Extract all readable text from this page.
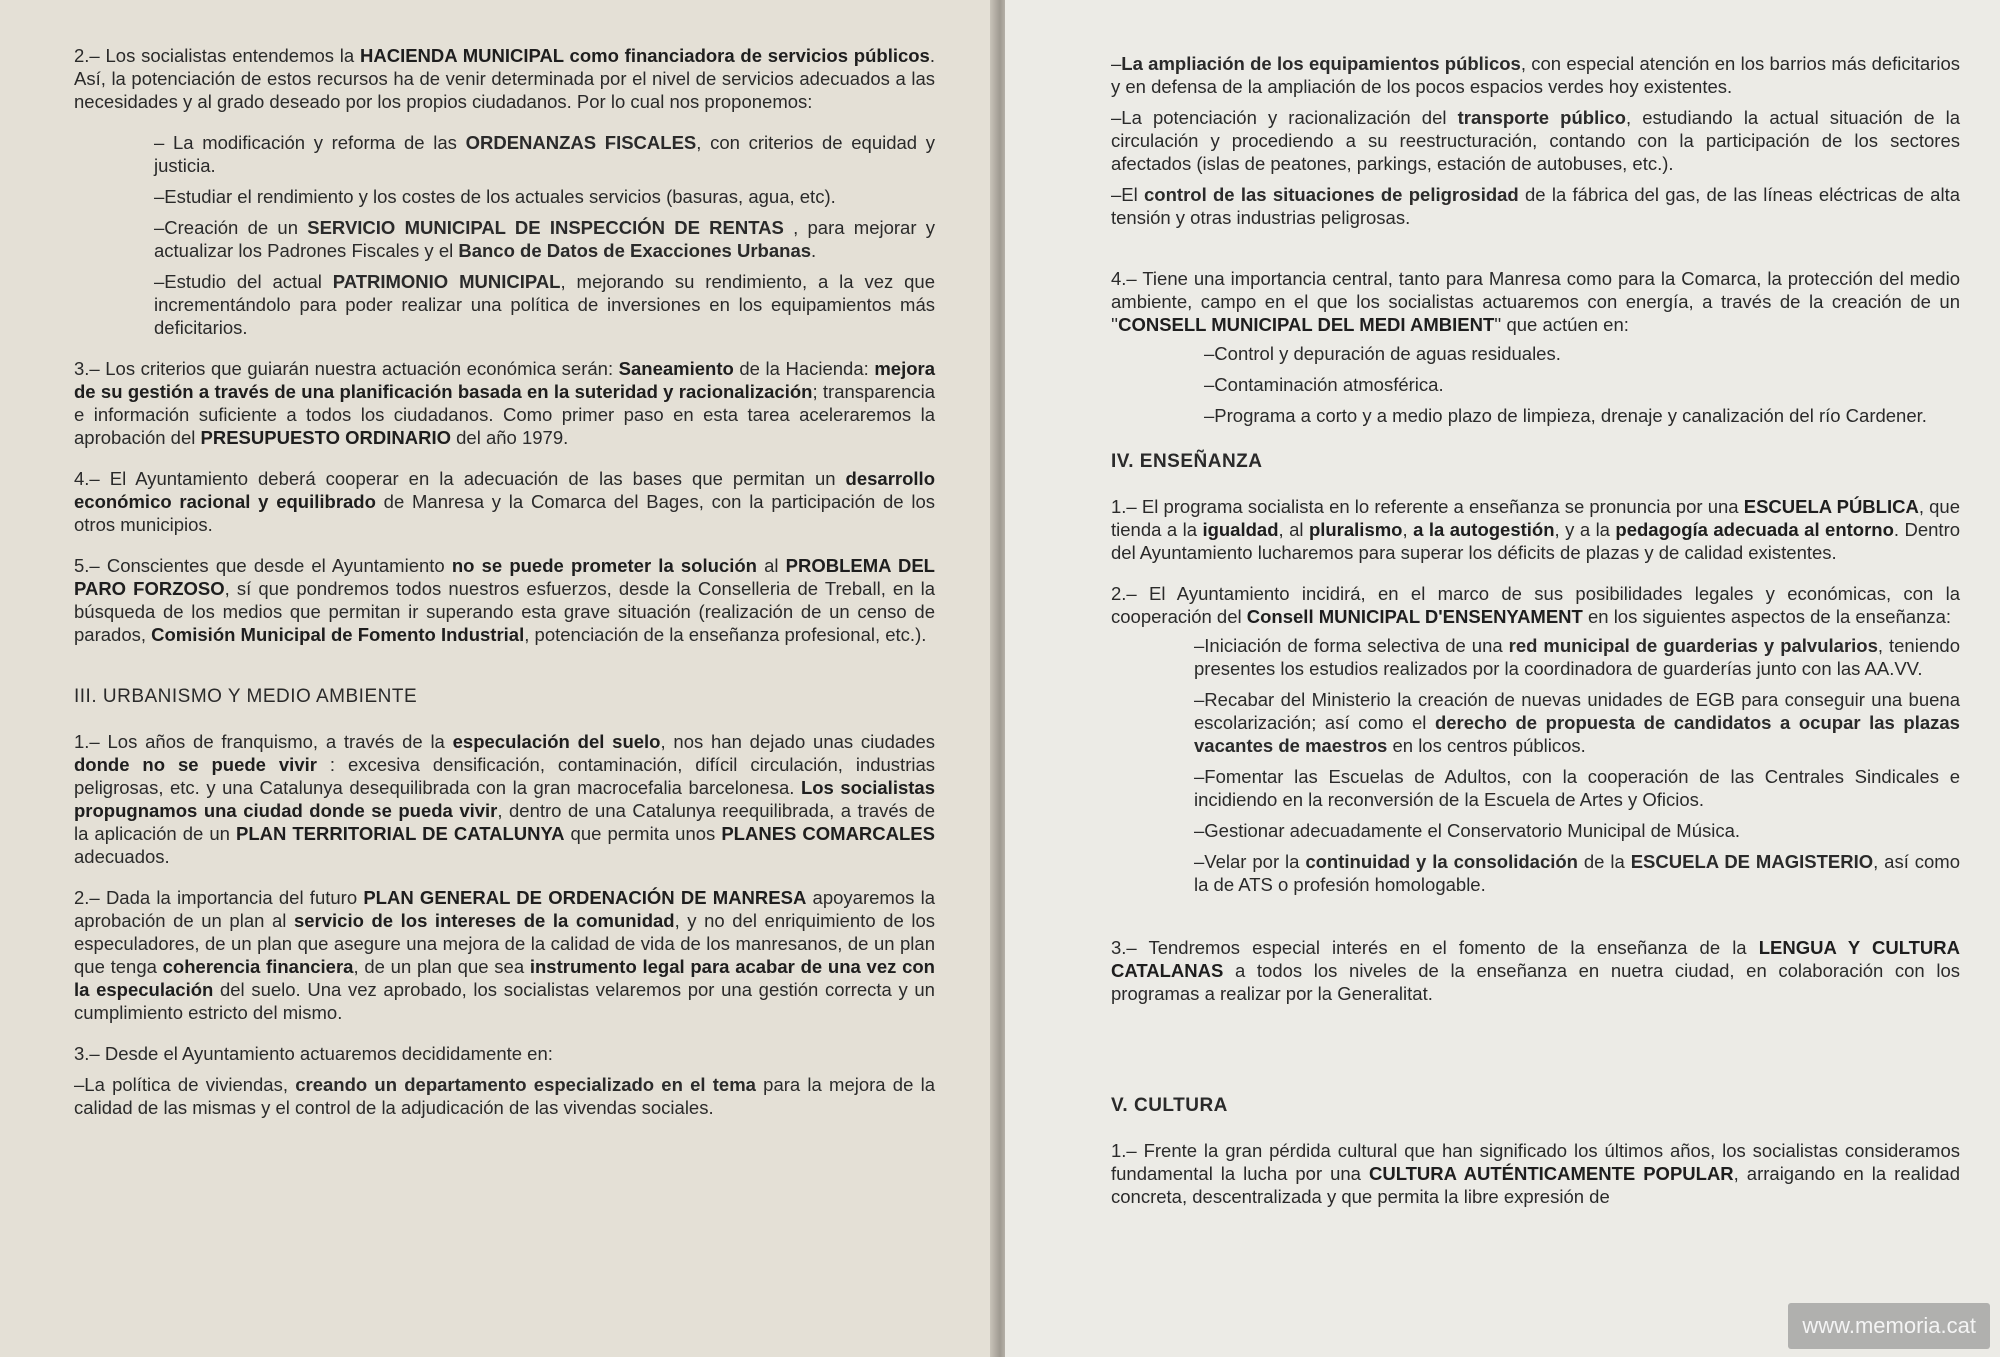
2.– Los socialistas entendemos la HACIENDA MUNICIPAL como financiadora de servicios públicos. Así, la potenciación de estos recursos ha de venir determinada por el nivel de servicios adecuados a las necesidades y al grado deseado por los propios ciudadanos. Por lo cual nos proponemos:

– La modificación y reforma de las ORDENANZAS FISCALES, con criterios de equidad y justicia.

–Estudiar el rendimiento y los costes de los actuales servicios (basuras, agua, etc).

–Creación de un SERVICIO MUNICIPAL DE INSPECCIÓN DE RENTAS , para mejorar y actualizar los Padrones Fiscales y el Banco de Datos de Exacciones Urbanas.

–Estudio del actual PATRIMONIO MUNICIPAL, mejorando su rendimiento, a la vez que incrementándolo para poder realizar una política de inversiones en los equipamientos más deficitarios.

3.– Los criterios que guiarán nuestra actuación económica serán: Saneamiento de la Hacienda: mejora de su gestión a través de una planificación basada en la suteridad y racionalización; transparencia e información suficiente a todos los ciudadanos. Como primer paso en esta tarea aceleraremos la aprobación del PRESUPUESTO ORDINARIO del año 1979.

4.– El Ayuntamiento deberá cooperar en la adecuación de las bases que permitan un desarrollo económico racional y equilibrado de Manresa y la Comarca del Bages, con la participación de los otros municipios.

5.– Conscientes que desde el Ayuntamiento no se puede prometer la solución al PROBLEMA DEL PARO FORZOSO, sí que pondremos todos nuestros esfuerzos, desde la Conselleria de Treball, en la búsqueda de los medios que permitan ir superando esta grave situación (realización de un censo de parados, Comisión Municipal de Fomento Industrial, potenciación de la enseñanza profesional, etc.).

III. URBANISMO Y MEDIO AMBIENTE

1.– Los años de franquismo, a través de la especulación del suelo, nos han dejado unas ciudades donde no se puede vivir : excesiva densificación, contaminación, difícil circulación, industrias peligrosas, etc. y una Catalunya desequilibrada con la gran macrocefalia barcelonesa. Los socialistas propugnamos una ciudad donde se pueda vivir, dentro de una Catalunya reequilibrada, a través de la aplicación de un PLAN TERRITORIAL DE CATALUNYA que permita unos PLANES COMARCALES adecuados.

2.– Dada la importancia del futuro PLAN GENERAL DE ORDENACIÓN DE MANRESA apoyaremos la aprobación de un plan al servicio de los intereses de la comunidad, y no del enriquimiento de los especuladores, de un plan que asegure una mejora de la calidad de vida de los manresanos, de un plan que tenga coherencia financiera, de un plan que sea instrumento legal para acabar de una vez con la especulación del suelo. Una vez aprobado, los socialistas velaremos por una gestión correcta y un cumplimiento estricto del mismo.

3.– Desde el Ayuntamiento actuaremos decididamente en:

–La política de viviendas, creando un departamento especializado en el tema para la mejora de la calidad de las mismas y el control de la adjudicación de las vivendas sociales.

–La ampliación de los equipamientos públicos, con especial atención en los barrios más deficitarios y en defensa de la ampliación de los pocos espacios verdes hoy existentes.

–La potenciación y racionalización del transporte público, estudiando la actual situación de la circulación y procediendo a su reestructuración, contando con la participación de los sectores afectados (islas de peatones, parkings, estación de autobuses, etc.).

–El control de las situaciones de peligrosidad de la fábrica del gas, de las líneas eléctricas de alta tensión y otras industrias peligrosas.

4.– Tiene una importancia central, tanto para Manresa como para la Comarca, la protección del medio ambiente, campo en el que los socialistas actuaremos con energía, a través de la creación de un ''CONSELL MUNICIPAL DEL MEDI AMBIENT'' que actúen en:

–Control y depuración de aguas residuales.

–Contaminación atmosférica.

–Programa a corto y a medio plazo de limpieza, drenaje y canalización del río Cardener.

IV. ENSEÑANZA

1.– El programa socialista en lo referente a enseñanza se pronuncia por una ESCUELA PÚBLICA, que tienda a la igualdad, al pluralismo, a la autogestión, y a la pedagogía adecuada al entorno. Dentro del Ayuntamiento lucharemos para superar los déficits de plazas y de calidad existentes.

2.– El Ayuntamiento incidirá, en el marco de sus posibilidades legales y económicas, con la cooperación del Consell MUNICIPAL D'ENSENYAMENT en los siguientes aspectos de la enseñanza:

–Iniciación de forma selectiva de una red municipal de guarderias y palvularios, teniendo presentes los estudios realizados por la coordinadora de guarderías junto con las AA.VV.

–Recabar del Ministerio la creación de nuevas unidades de EGB para conseguir una buena escolarización; así como el derecho de propuesta de candidatos a ocupar las plazas vacantes de maestros en los centros públicos.

–Fomentar las Escuelas de Adultos, con la cooperación de las Centrales Sindicales e incidiendo en la reconversión de la Escuela de Artes y Oficios.

–Gestionar adecuadamente el Conservatorio Municipal de Música.

–Velar por la continuidad y la consolidación de la ESCUELA DE MAGISTERIO, así como la de ATS o profesión homologable.

3.– Tendremos especial interés en el fomento de la enseñanza de la LENGUA Y CULTURA CATALANAS a todos los niveles de la enseñanza en nuetra ciudad, en colaboración con los programas a realizar por la Generalitat.

V. CULTURA

1.– Frente la gran pérdida cultural que han significado los últimos años, los socialistas consideramos fundamental la lucha por una CULTURA AUTÉNTICAMENTE POPULAR, arraigando en la realidad concreta, descentralizada y que permita la libre expresión de

www.memoria.cat
